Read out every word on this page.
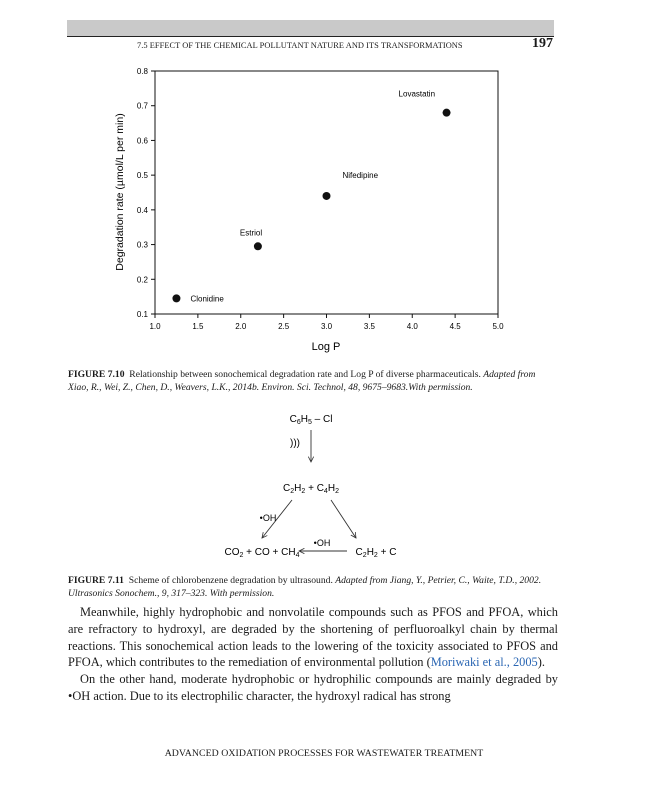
7.5 EFFECT OF THE CHEMICAL POLLUTANT NATURE AND ITS TRANSFORMATIONS	197
0.1
0.2
0.3
0.4
0.5
0.6
0.7
0.8
1.0	1.5	2.0	2.5	3.0	3.5	4.0	4.5	5.0
Clonidine
Estriol
Nifedipine
Lovastatin
Log P
Degradation rate (µmol/L per min)
FIGURE 7.10 Relationship between sonochemical degradation rate and Log P of diverse pharmaceuticals. Adapted from Xiao, R., Wei, Z., Chen, D., Weavers, L.K., 2014b. Environ. Sci. Technol, 48, 9675–9683.With permission.
$C_6H_5$ – Cl
)))
$C_2H_2 + C_4H_2$
•OH
$CO_2$ + CO + $CH_4$
•OH
$C_2H_2 + C$
FIGURE 7.11 Scheme of chlorobenzene degradation by ultrasound. Adapted from Jiang, Y., Petrier, C., Waite, T.D., 2002. Ultrasonics Sonochem., 9, 317–323. With permission.

Meanwhile, highly hydrophobic and nonvolatile compounds such as PFOS and PFOA, which are refractory to hydroxyl, are degraded by the shortening of perfluoroalkyl chain by thermal reactions. This sonochemical action leads to the lowering of the toxicity associated to PFOS and PFOA, which contributes to the remediation of environmental pollution (Moriwaki et al., 2005).

On the other hand, moderate hydrophobic or hydrophilic compounds are mainly degraded by •OH action. Due to its electrophilic character, the hydroxyl radical has strong

ADVANCED OXIDATION PROCESSES FOR WASTEWATER TREATMENT
